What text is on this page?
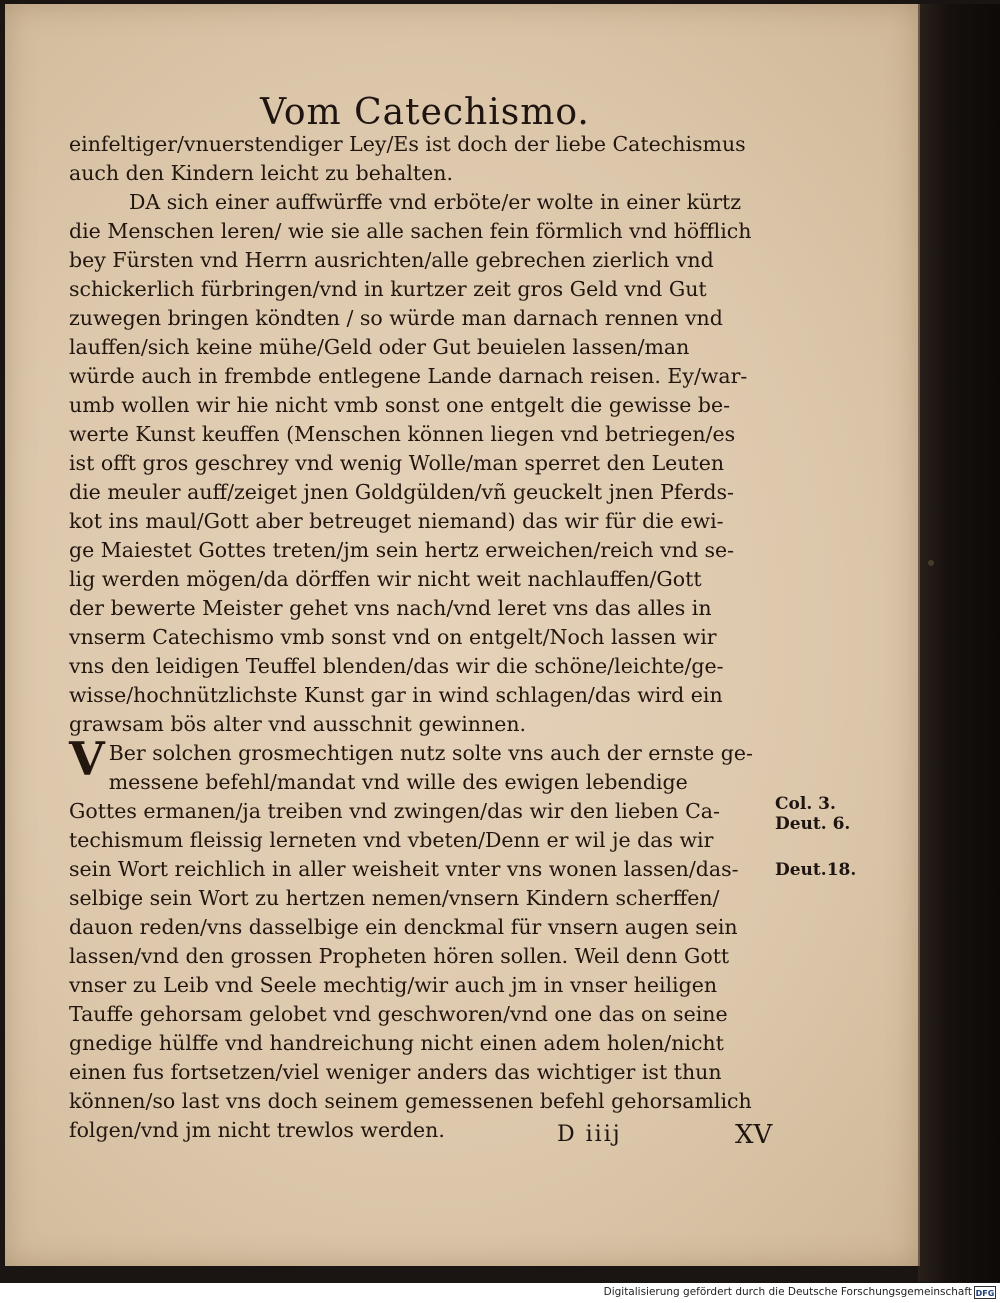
Vom Catechismo.
einfeltiger/vnuerstendiger Ley/Es ist doch der liebe Catechismus
auch den Kindern leicht zu behalten.
DA sich einer auffwürffe vnd erböte/er wolte in einer kürtz
die Menschen leren/ wie sie alle sachen fein förmlich vnd höfflich
bey Fürsten vnd Herrn ausrichten/alle gebrechen zierlich vnd
schickerlich fürbringen/vnd in kurtzer zeit gros Geld vnd Gut
zuwegen bringen köndten / so würde man darnach rennen vnd
lauffen/sich keine mühe/Geld oder Gut beuielen lassen/man
würde auch in frembde entlegene Lande darnach reisen. Ey/war-
umb wollen wir hie nicht vmb sonst one entgelt die gewisse be-
werte Kunst keuffen (Menschen können liegen vnd betriegen/es
ist offt gros geschrey vnd wenig Wolle/man sperret den Leuten
die meuler auff/zeiget jnen Goldgülden/vñ geuckelt jnen Pferds-
kot ins maul/Gott aber betreuget niemand) das wir für die ewi-
ge Maiestet Gottes treten/jm sein hertz erweichen/reich vnd se-
lig werden mögen/da dörffen wir nicht weit nachlauffen/Gott
der bewerte Meister gehet vns nach/vnd leret vns das alles in
vnserm Catechismo vmb sonst vnd on entgelt/Noch lassen wir
vns den leidigen Teuffel blenden/das wir die schöne/leichte/ge-
wisse/hochnützlichste Kunst gar in wind schlagen/das wird ein
grawsam bös alter vnd ausschnit gewinnen.
V Ber solchen grosmechtigen nutz solte vns auch der ernste ge-
messene befehl/mandat vnd wille des ewigen lebendige
Gottes ermanen/ja treiben vnd zwingen/das wir den lieben Ca-
techismum fleissig lerneten vnd vbeten/Denn er wil je das wir
sein Wort reichlich in aller weisheit vnter vns wonen lassen/das-
selbige sein Wort zu hertzen nemen/vnsern Kindern scherffen/
dauon reden/vns dasselbige ein denckmal für vnsern augen sein
lassen/vnd den grossen Propheten hören sollen. Weil denn Gott
vnser zu Leib vnd Seele mechtig/wir auch jm in vnser heiligen
Tauffe gehorsam gelobet vnd geschworen/vnd one das on seine
gnedige hülffe vnd handreichung nicht einen adem holen/nicht
einen fus fortsetzen/viel weniger anders das wichtiger ist thun
können/so last vns doch seinem gemessenen befehl gehorsamlich
folgen/vnd jm nicht trewlos werden.
Col. 3.
Deut. 6.
Deut.18.
D iiij	XV
Digitalisierung gefördert durch die Deutsche Forschungsgemeinschaft DFG
